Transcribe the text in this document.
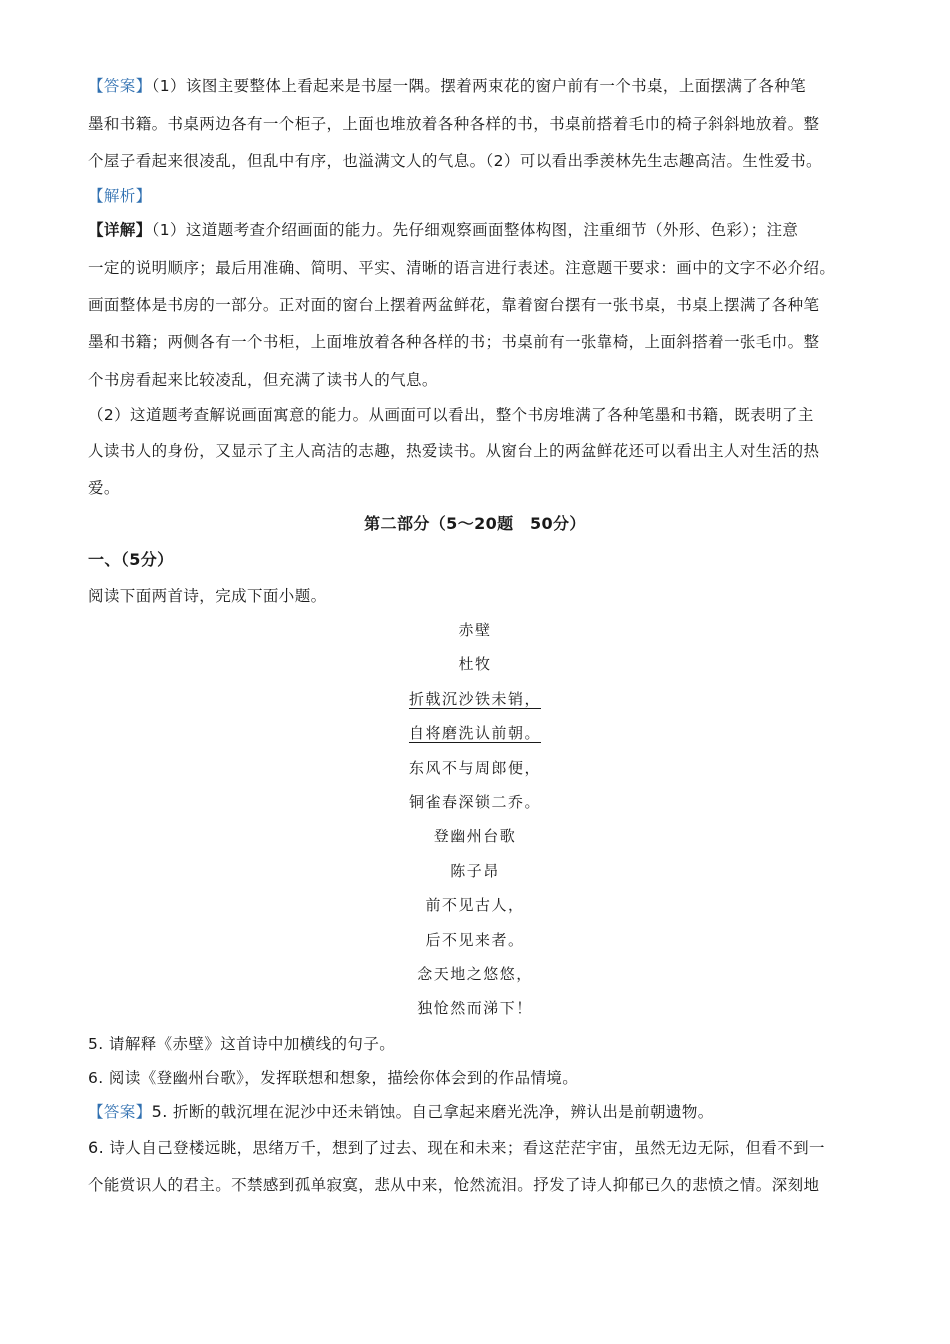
【答案】（1）该图主要整体上看起来是书屋一隅。摆着两束花的窗户前有一个书桌，上面摆满了各种笔
墨和书籍。书桌两边各有一个柜子，上面也堆放着各种各样的书，书桌前搭着毛巾的椅子斜斜地放着。整
个屋子看起来很凌乱，但乱中有序，也溢满文人的气息。（2）可以看出季羡林先生志趣高洁。生性爱书。
【解析】
【详解】（1）这道题考查介绍画面的能力。先仔细观察画面整体构图，注重细节（外形、色彩）；注意
一定的说明顺序；最后用准确、简明、平实、清晰的语言进行表述。注意题干要求：画中的文字不必介绍。
画面整体是书房的一部分。正对面的窗台上摆着两盆鲜花，靠着窗台摆有一张书桌，书桌上摆满了各种笔
墨和书籍；两侧各有一个书柜，上面堆放着各种各样的书；书桌前有一张靠椅，上面斜搭着一张毛巾。整
个书房看起来比较凌乱，但充满了读书人的气息。
（2）这道题考查解说画面寓意的能力。从画面可以看出，整个书房堆满了各种笔墨和书籍，既表明了主
人读书人的身份，又显示了主人高洁的志趣，热爱读书。从窗台上的两盆鲜花还可以看出主人对生活的热
爱。
第二部分（5～20题　50分）
一、（5分）
阅读下面两首诗，完成下面小题。
赤壁
杜牧
折戟沉沙铁未销，
自将磨洗认前朝。
东风不与周郎便，
铜雀春深锁二乔。
登幽州台歌
陈子昂
前不见古人，
后不见来者。
念天地之悠悠，
独怆然而涕下！
5. 请解释《赤壁》这首诗中加横线的句子。
6. 阅读《登幽州台歌》，发挥联想和想象，描绘你体会到的作品情境。
【答案】5. 折断的戟沉埋在泥沙中还未销蚀。自己拿起来磨光洗净，辨认出是前朝遗物。
6. 诗人自己登楼远眺，思绪万千，想到了过去、现在和未来；看这茫茫宇宙，虽然无边无际，但看不到一
个能赏识人的君主。不禁感到孤单寂寞，悲从中来，怆然流泪。抒发了诗人抑郁已久的悲愤之情。深刻地
